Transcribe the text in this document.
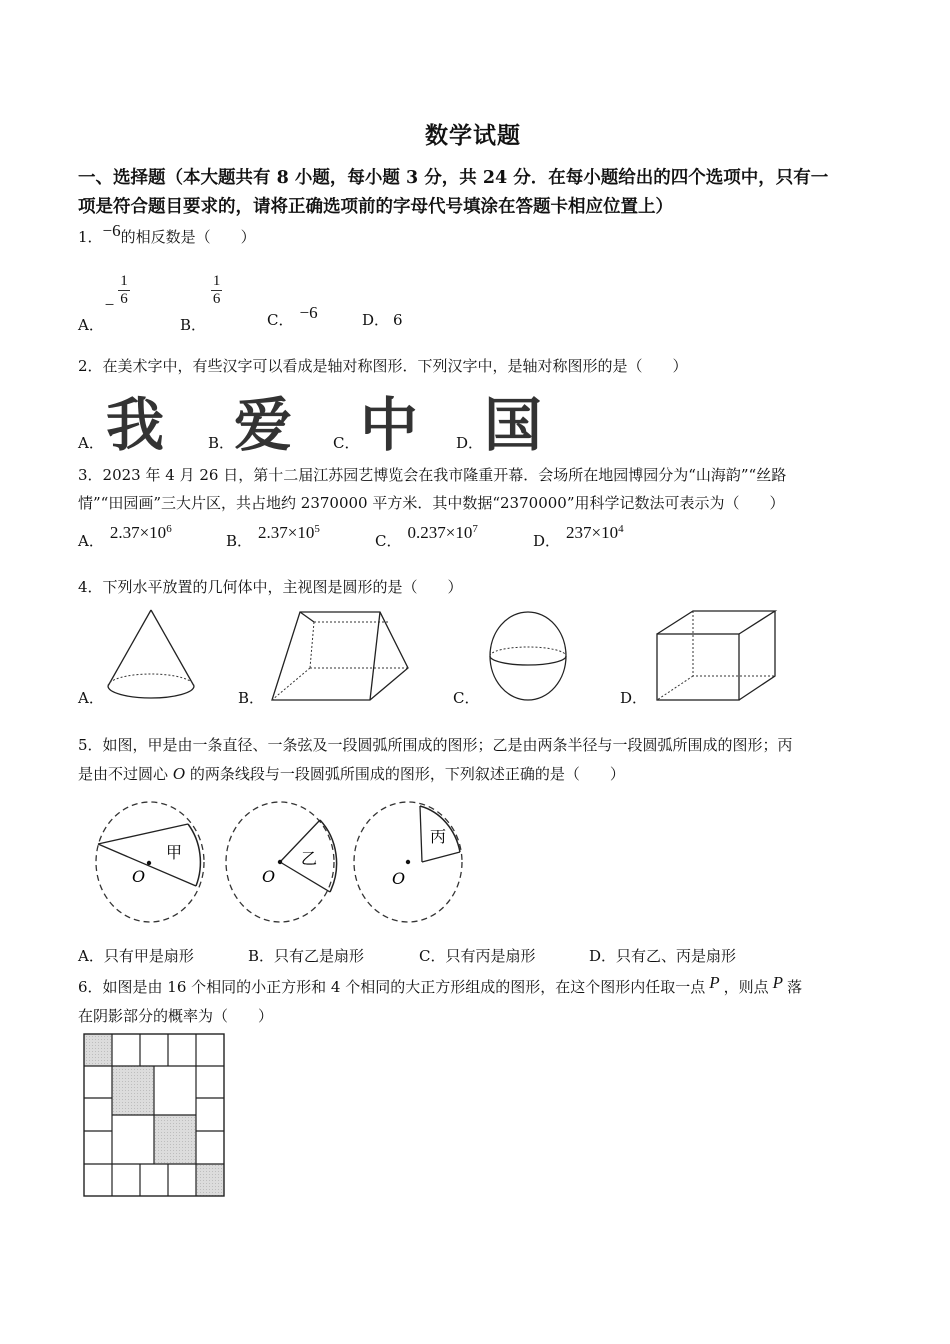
数学试题
一、选择题（本大题共有 8 小题，每小题 3 分，共 24 分．在每小题给出的四个选项中，只有一
项是符合题目要求的，请将正确选项前的字母代号填涂在答题卡相应位置上）
1．−6的相反数是（　　）
A． − $\frac{1}{6}$
B．
$\frac{1}{6}$
C． −6	D． 6
2．在美术字中，有些汉字可以看成是轴对称图形．下列汉字中，是轴对称图形的是（　　）
A． 我	B． 爱	C． 中	D． 国
3．2023 年 4 月 26 日，第十二届江苏园艺博览会在我市隆重开幕．会场所在地园博园分为“山海韵”“丝路
情”“田园画”三大片区，共占地约 2370000 平方米．其中数据“2370000”用科学记数法可表示为（　　）
A． $2.37\times 10^6$
B． $2.37\times 10^5$
C． $0.237\times 10^7$
D． $237\times 10^4$
4．下列水平放置的几何体中，主视图是圆形的是（　　）
A．	B．	C．	D．
5．如图，甲是由一条直径、一条弦及一段圆弧所围成的图形；乙是由两条半径与一段圆弧所围成的图形；丙
是由不过圆心 O 的两条线段与一段圆弧所围成的图形，下列叙述正确的是（　　）
甲
O
乙
O
丙
O
A．只有甲是扇形	B．只有乙是扇形	C．只有丙是扇形	D．只有乙、丙是扇形
6．如图是由 16 个相同的小正方形和 4 个相同的大正方形组成的图形，在这个图形内任取一点 P ，则点 P 落
在阴影部分的概率为（　　）
